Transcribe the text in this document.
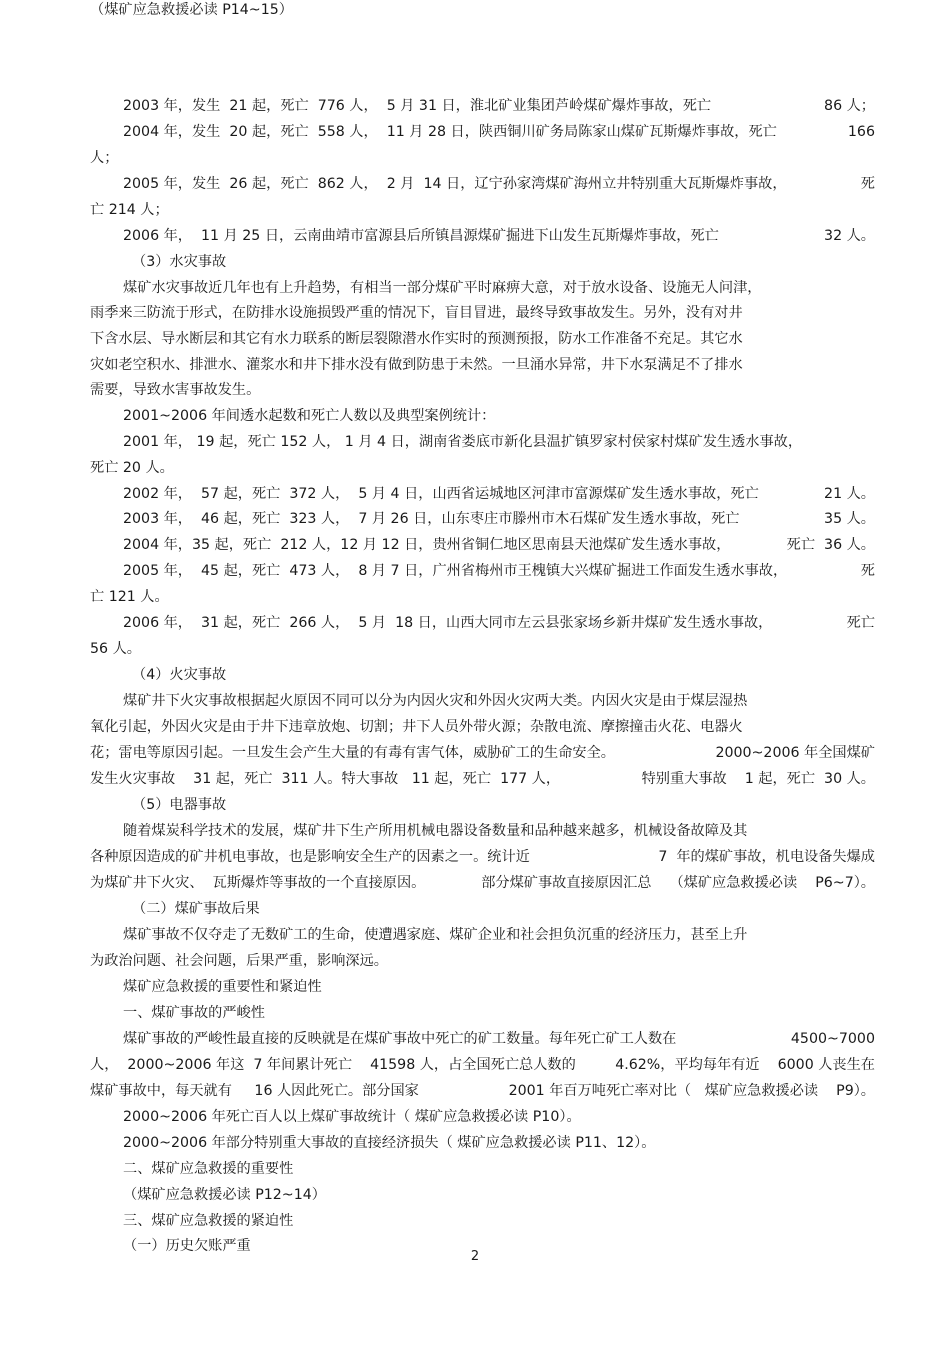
2003 年，发生  21 起，死亡  776 人，  5 月 31 日，淮北矿业集团芦岭煤矿爆炸事故，死亡	86 人；
2004 年，发生  20 起，死亡  558 人，  11 月 28 日，陕西铜川矿务局陈家山煤矿瓦斯爆炸事故，死亡	166
人；
2005 年，发生  26 起，死亡  862 人，  2 月  14 日，辽宁孙家湾煤矿海州立井特别重大瓦斯爆炸事故，	死
亡 214 人；
2006 年，  11 月 25 日，云南曲靖市富源县后所镇昌源煤矿掘进下山发生瓦斯爆炸事故，死亡	32 人。
（3）水灾事故
煤矿水灾事故近几年也有上升趋势，有相当一部分煤矿平时麻痹大意，对于放水设备、设施无人问津，
雨季来三防流于形式，在防排水设施损毁严重的情况下，盲目冒进，最终导致事故发生。另外，没有对井
下含水层、导水断层和其它有水力联系的断层裂隙潜水作实时的预测预报，防水工作准备不充足。其它水
灾如老空积水、排泄水、灌浆水和井下排水没有做到防患于未然。一旦涌水异常，井下水泵满足不了排水
需要，导致水害事故发生。
2001~2006 年间透水起数和死亡人数以及典型案例统计：
2001 年， 19 起，死亡 152 人， 1 月 4 日，湖南省娄底市新化县温扩镇罗家村侯家村煤矿发生透水事故，
死亡 20 人。
2002 年，  57 起，死亡  372 人，  5 月 4 日，山西省运城地区河津市富源煤矿发生透水事故，死亡	21 人。
2003 年，  46 起，死亡  323 人，  7 月 26 日，山东枣庄市滕州市木石煤矿发生透水事故，死亡	35 人。
2004 年，35 起，死亡  212 人，12 月 12 日，贵州省铜仁地区思南县天池煤矿发生透水事故，	死亡  36 人。
2005 年，  45 起，死亡  473 人，  8 月 7 日，广州省梅州市王槐镇大兴煤矿掘进工作面发生透水事故，	死
亡 121 人。
2006 年，  31 起，死亡  266 人，  5 月  18 日，山西大同市左云县张家场乡新井煤矿发生透水事故，	死亡
56 人。
（4）火灾事故
煤矿井下火灾事故根据起火原因不同可以分为内因火灾和外因火灾两大类。内因火灾是由于煤层湿热
氧化引起，外因火灾是由于井下违章放炮、切割；井下人员外带火源；杂散电流、摩擦撞击火花、电器火
花；雷电等原因引起。一旦发生会产生大量的有毒有害气体，威胁矿工的生命安全。	2000~2006 年全国煤矿
发生火灾事故    31 起，死亡  311 人。特大事故   11 起，死亡  177 人，	特别重大事故    1 起，死亡  30 人。
（5）电器事故
随着煤炭科学技术的发展，煤矿井下生产所用机械电器设备数量和品种越来越多，机械设备故障及其
各种原因造成的矿井机电事故，也是影响安全生产的因素之一。统计近	7  年的煤矿事故，机电设备失爆成
为煤矿井下火灾、  瓦斯爆炸等事故的一个直接原因。	部分煤矿事故直接原因汇总    （煤矿应急救援必读    P6~7）。
（二）煤矿事故后果
煤矿事故不仅夺走了无数矿工的生命，使遭遇家庭、煤矿企业和社会担负沉重的经济压力，甚至上升
为政治问题、社会问题，后果严重，影响深远。
煤矿应急救援的重要性和紧迫性
一、煤矿事故的严峻性
煤矿事故的严峻性最直接的反映就是在煤矿事故中死亡的矿工数量。每年死亡矿工人数在	4500~7000
人，  2000~2006 年这  7 年间累计死亡    41598 人，占全国死亡总人数的	4.62%，平均每年有近    6000 人丧生在
煤矿事故中，每天就有     16 人因此死亡。部分国家	2001 年百万吨死亡率对比（   煤矿应急救援必读    P9）。
2000~2006 年死亡百人以上煤矿事故统计（ 煤矿应急救援必读 P10）。
2000~2006 年部分特别重大事故的直接经济损失（ 煤矿应急救援必读 P11、12）。
二、煤矿应急救援的重要性
（煤矿应急救援必读 P12~14）
三、煤矿应急救援的紧迫性
（一）历史欠账严重
（煤矿应急救援必读 P14~15）
2
